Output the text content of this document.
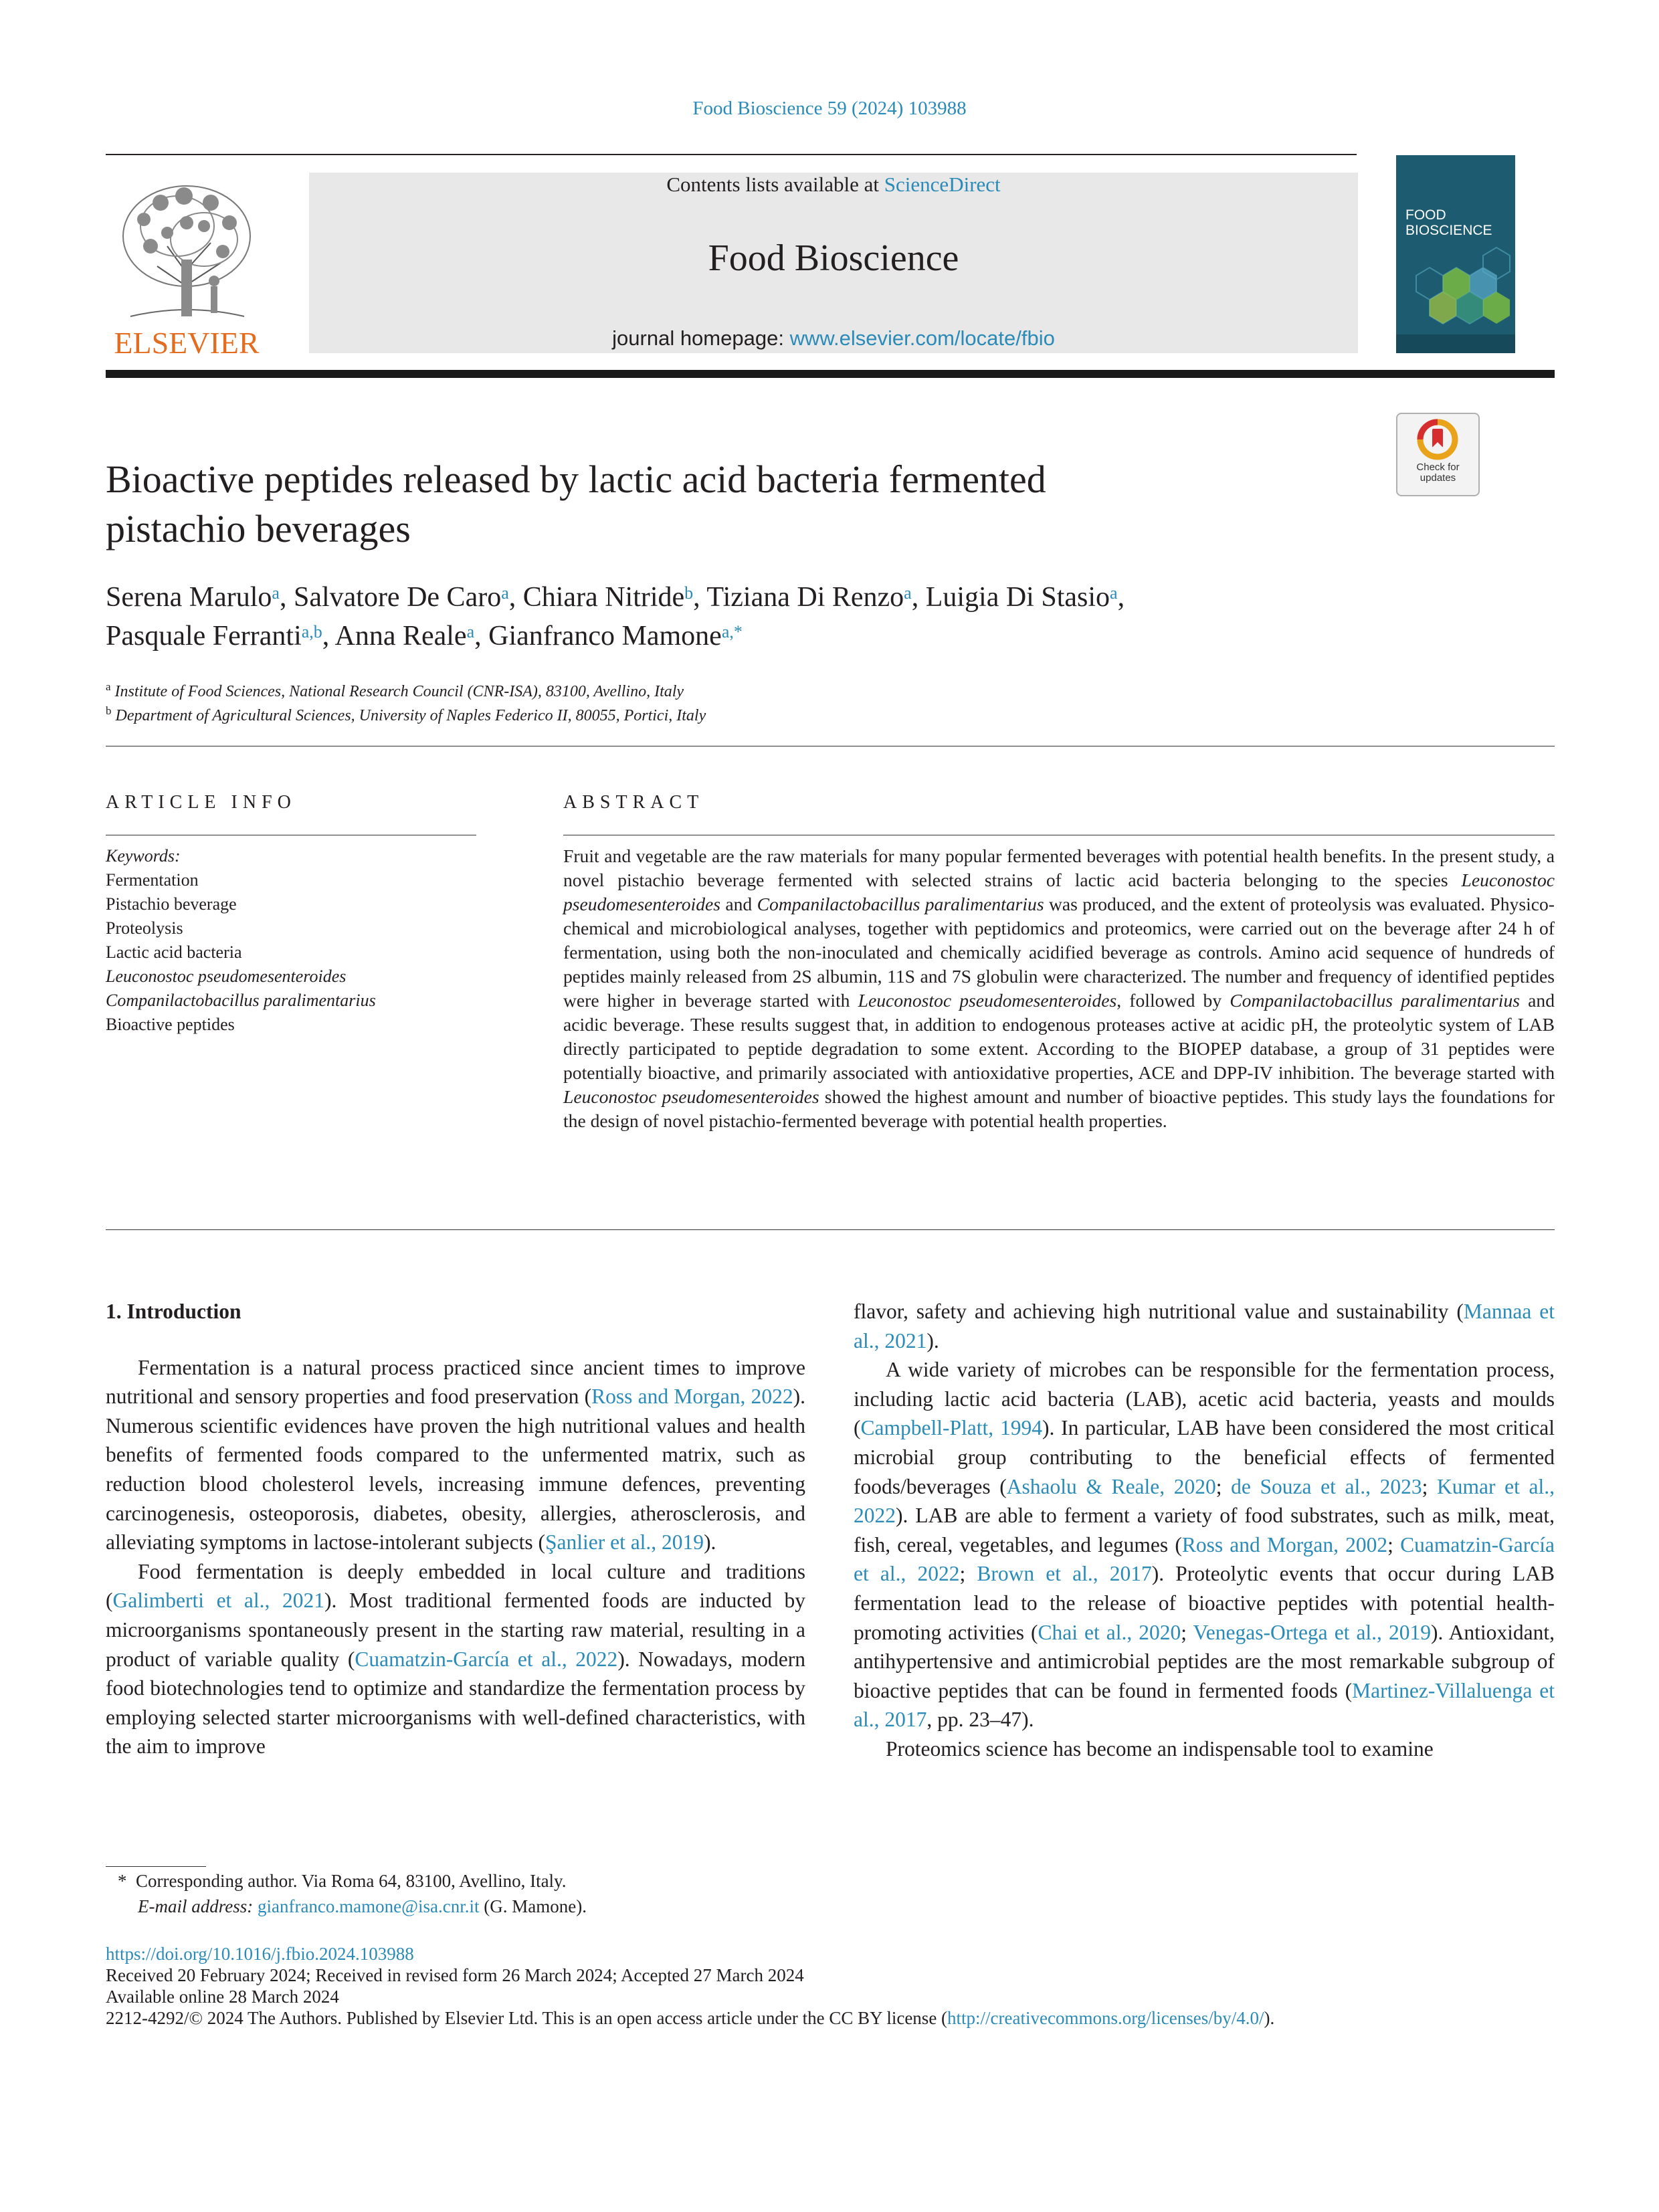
Food Bioscience 59 (2024) 103988
ELSEVIER
Contents lists available at ScienceDirect
Food Bioscience
journal homepage: www.elsevier.com/locate/fbio
FOOD
BIOSCIENCE
Check for updates
Bioactive peptides released by lactic acid bacteria fermented
pistachio beverages
Serena Marulo$^a$, Salvatore De Caro$^a$, Chiara Nitride$^b$, Tiziana Di Renzo$^a$, Luigia Di Stasio$^a$,
Pasquale Ferranti$^{a,b}$, Anna Reale$^a$, Gianfranco Mamone$^{a,*}$
$^a$ Institute of Food Sciences, National Research Council (CNR-ISA), 83100, Avellino, Italy
$^b$ Department of Agricultural Sciences, University of Naples Federico II, 80055, Portici, Italy
ARTICLE INFO
Keywords:
Fermentation
Pistachio beverage
Proteolysis
Lactic acid bacteria
Leuconostoc pseudomesenteroides
Companilactobacillus paralimentarius
Bioactive peptides
ABSTRACT
Fruit and vegetable are the raw materials for many popular fermented beverages with potential health benefits. In the present study, a novel pistachio beverage fermented with selected strains of lactic acid bacteria belonging to the species Leuconostoc pseudomesenteroides and Companilactobacillus paralimentarius was produced, and the extent of proteolysis was evaluated. Physico-chemical and microbiological analyses, together with peptidomics and proteomics, were carried out on the beverage after 24 h of fermentation, using both the non-inoculated and chemically acidified beverage as controls. Amino acid sequence of hundreds of peptides mainly released from 2S albumin, 11S and 7S globulin were characterized. The number and frequency of identified peptides were higher in beverage started with Leuconostoc pseudomesenteroides, followed by Companilactobacillus paralimentarius and acidic beverage. These results suggest that, in addition to endogenous proteases active at acidic pH, the proteolytic system of LAB directly participated to peptide degradation to some extent. According to the BIOPEP database, a group of 31 peptides were potentially bioactive, and primarily associated with antioxidative properties, ACE and DPP-IV inhibition. The beverage started with Leuconostoc pseudomesenteroides showed the highest amount and number of bioactive peptides. This study lays the foundations for the design of novel pistachio-fermented beverage with potential health properties.

1. Introduction

Fermentation is a natural process practiced since ancient times to improve nutritional and sensory properties and food preservation (Ross and Morgan, 2022). Numerous scientific evidences have proven the high nutritional values and health benefits of fermented foods compared to the unfermented matrix, such as reduction blood cholesterol levels, increasing immune defences, preventing carcinogenesis, osteoporosis, diabetes, obesity, allergies, atherosclerosis, and alleviating symptoms in lactose-intolerant subjects (Şanlier et al., 2019).

Food fermentation is deeply embedded in local culture and traditions (Galimberti et al., 2021). Most traditional fermented foods are inducted by microorganisms spontaneously present in the starting raw material, resulting in a product of variable quality (Cuamatzin-García et al., 2022). Nowadays, modern food biotechnologies tend to optimize and standardize the fermentation process by employing selected starter microorganisms with well-defined characteristics, with the aim to improve

flavor, safety and achieving high nutritional value and sustainability (Mannaa et al., 2021).

A wide variety of microbes can be responsible for the fermentation process, including lactic acid bacteria (LAB), acetic acid bacteria, yeasts and moulds (Campbell-Platt, 1994). In particular, LAB have been considered the most critical microbial group contributing to the beneficial effects of fermented foods/beverages (Ashaolu & Reale, 2020; de Souza et al., 2023; Kumar et al., 2022). LAB are able to ferment a variety of food substrates, such as milk, meat, fish, cereal, vegetables, and legumes (Ross and Morgan, 2002; Cuamatzin-García et al., 2022; Brown et al., 2017). Proteolytic events that occur during LAB fermentation lead to the release of bioactive peptides with potential health-promoting activities (Chai et al., 2020; Venegas-Ortega et al., 2019). Antioxidant, antihypertensive and antimicrobial peptides are the most remarkable subgroup of bioactive peptides that can be found in fermented foods (Martinez-Villaluenga et al., 2017, pp. 23–47).

Proteomics science has become an indispensable tool to examine

*  Corresponding author. Via Roma 64, 83100, Avellino, Italy.
E-mail address: gianfranco.mamone@isa.cnr.it (G. Mamone).
https://doi.org/10.1016/j.fbio.2024.103988
Received 20 February 2024; Received in revised form 26 March 2024; Accepted 27 March 2024
Available online 28 March 2024
2212-4292/© 2024 The Authors. Published by Elsevier Ltd. This is an open access article under the CC BY license (http://creativecommons.org/licenses/by/4.0/).
